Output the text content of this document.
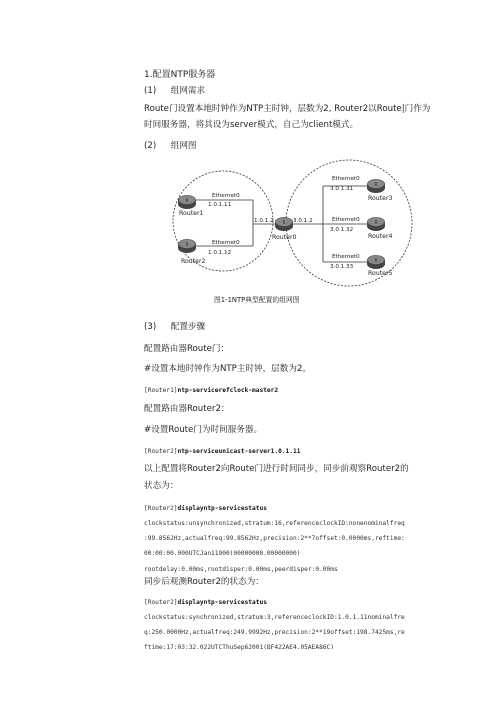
1.配置NTP服务器
(1) 组网需求
Route门设置本地时钟作为NTP主时钟，层数为2, Router2以Route|门作为
时间服务器，将其设为server模式，自己为client模式。
(2) 组网图
R
Router1
Ethernet0
1.0.1.11
R
Router2
Ethernet0
1.0.1.12
R
Router0
1.0.1.2	3.0.1.2
R
Router3
Ethernet0
3.0.1.31
R
Router4
Ethernet0
3.0.1.32
R
Router5
Ethernet0
3.0.1.33
图1-1NTP典型配置的组网图
(3) 配置步骤
配置路由器Route门：
#设置本地时钟作为NTP主时钟，层数为2。
[Router1]ntp-servicerefclock-master2
配置路由器Router2：
#设置Route门为时间服务器。
[Router2]ntp-serviceunicast-server1.0.1.11
以上配置将Router2向Route门进行时间同步，同步前观察Router2的
状态为：
[Router2]displayntp-servicestatus
clockstatus:unsynchronized,stratum:16,referenceclockID:nonenominalfreq
:99.8562Hz,actualfreq:99.8562Hz,precision:2**7offset:0.0000ms,reftime:
00:00:00.000UTCJan11900(00000000.00000000)
rootdelay:0.00ms,rootdisper:0.00ms,peerdisper:0.00ms
同步后观测Router2的状态为：
[Router2]displayntp-servicestatus
clockstatus:synchronized,stratum:3,referenceclockID:1.0.1.11nominalfre
q:250.0000Hz,actualfreq:249.9992Hz,precision:2**19offset:198.7425ms,re
ftime:17:03:32.022UTCThuSep62001(BF422AE4.05AEA86C)
